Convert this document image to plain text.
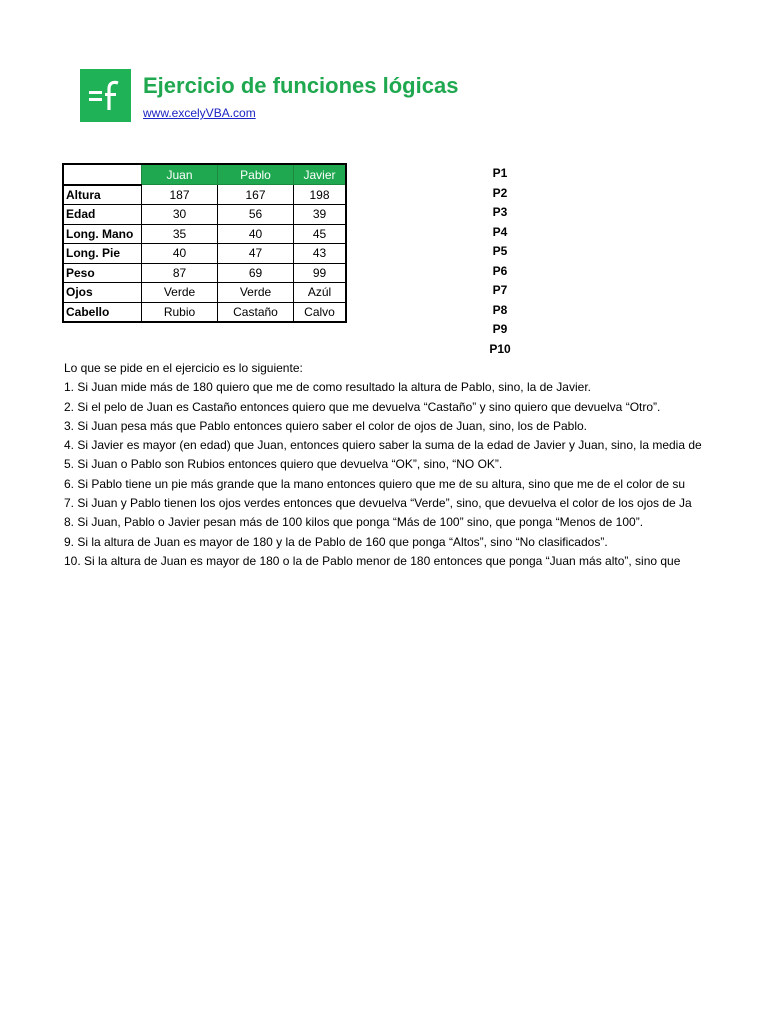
Ejercicio de funciones lógicas
www.excelyVBA.com
	Juan	Pablo	Javier
Altura	187	167	198
Edad	30	56	39
Long. Mano	35	40	45
Long. Pie	40	47	43
Peso	87	69	99
Ojos	Verde	Verde	Azúl
Cabello	Rubio	Castaño	Calvo
P1
P2
P3
P4
P5
P6
P7
P8
P9
P10
Lo que se pide en el ejercicio es lo siguiente:
1. Si Juan mide más de 180 quiero que me de como resultado la altura de Pablo, sino, la de Javier.
2. Si el pelo de Juan es Castaño entonces quiero que me devuelva “Castaño” y sino quiero que devuelva “Otro”.
3. Si Juan pesa más que Pablo entonces quiero saber el color de ojos de Juan, sino, los de Pablo.
4. Si Javier es mayor (en edad) que Juan, entonces quiero saber la suma de la edad de Javier y Juan, sino, la media de
5. Si Juan o Pablo son Rubios entonces quiero que devuelva “OK”, sino, “NO OK”.
6. Si Pablo tiene un pie más grande que la mano entonces quiero que me de su altura, sino que me de el color de su
7. Si Juan y Pablo tienen los ojos verdes entonces que devuelva “Verde”, sino, que devuelva el color de los ojos de Ja
8. Si Juan, Pablo o Javier pesan más de 100 kilos que ponga “Más de 100” sino, que ponga “Menos de 100”.
9. Si la altura de Juan es mayor de 180 y la de Pablo de 160 que ponga “Altos”, sino “No clasificados”.
10. Si la altura de Juan es mayor de 180 o la de Pablo menor de 180 entonces que ponga “Juan más alto”, sino que
